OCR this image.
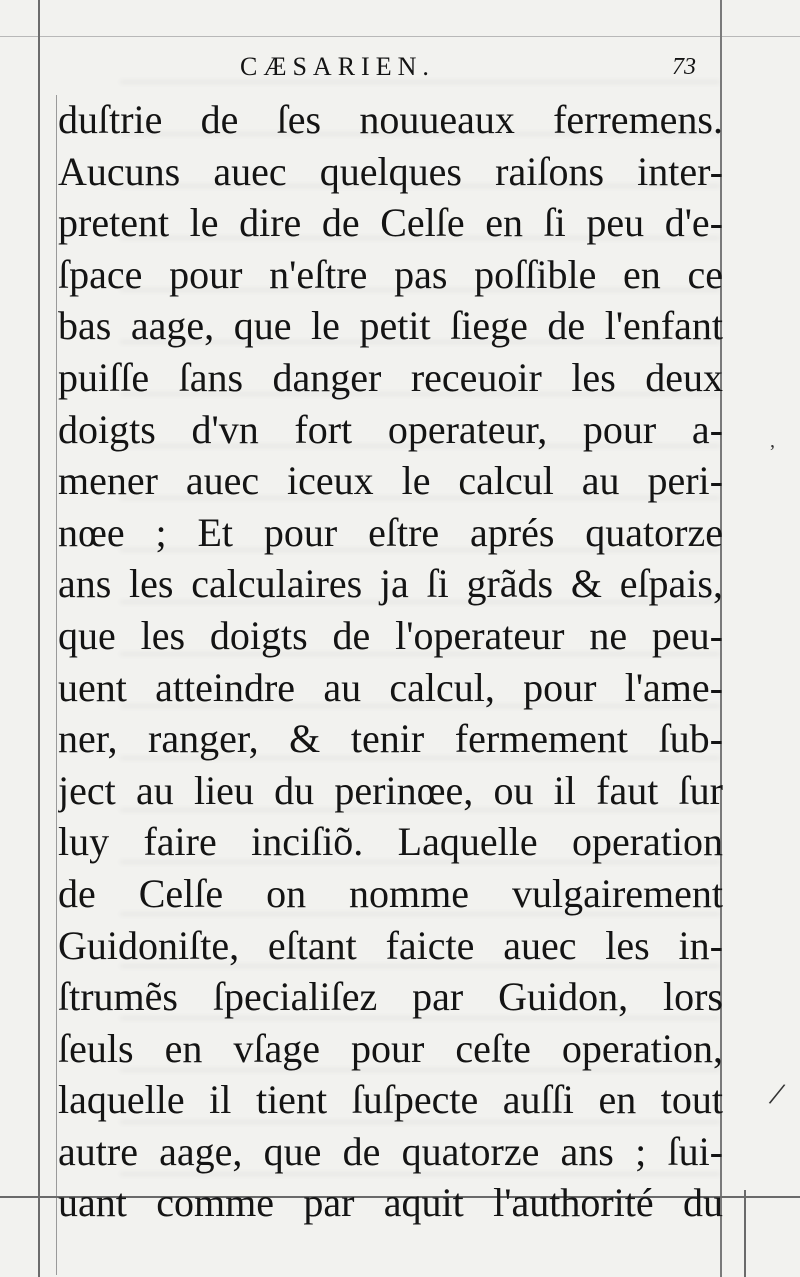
CÆSARIEN.	73
duſtrie de ſes nouueaux ferremens.
Aucuns auec quelques raiſons inter-
pretent le dire de Celſe en ſi peu d'e-
ſpace pour n'eſtre pas poſſible en ce
bas aage, que le petit ſiege de l'enfant
puiſſe ſans danger receuoir les deux
doigts d'vn fort operateur, pour a-
mener auec iceux le calcul au peri-
nœe ; Et pour eſtre aprés quatorze
ans les calculaires ja ſi grãds & eſpais,
que les doigts de l'operateur ne peu-
uent atteindre au calcul, pour l'ame-
ner, ranger, & tenir fermement ſub-
ject au lieu du perinœe, ou il faut ſur
luy faire inciſiõ. Laquelle operation
de Celſe on nomme vulgairement
Guidoniſte, eſtant faicte auec les in-
ſtrumẽs ſpecialiſez par Guidon, lors
ſeuls en vſage pour ceſte operation,
laquelle il tient ſuſpecte auſſi en tout
autre aage, que de quatorze ans ; ſui-
uant comme par aquit l'authorité du
,
/
